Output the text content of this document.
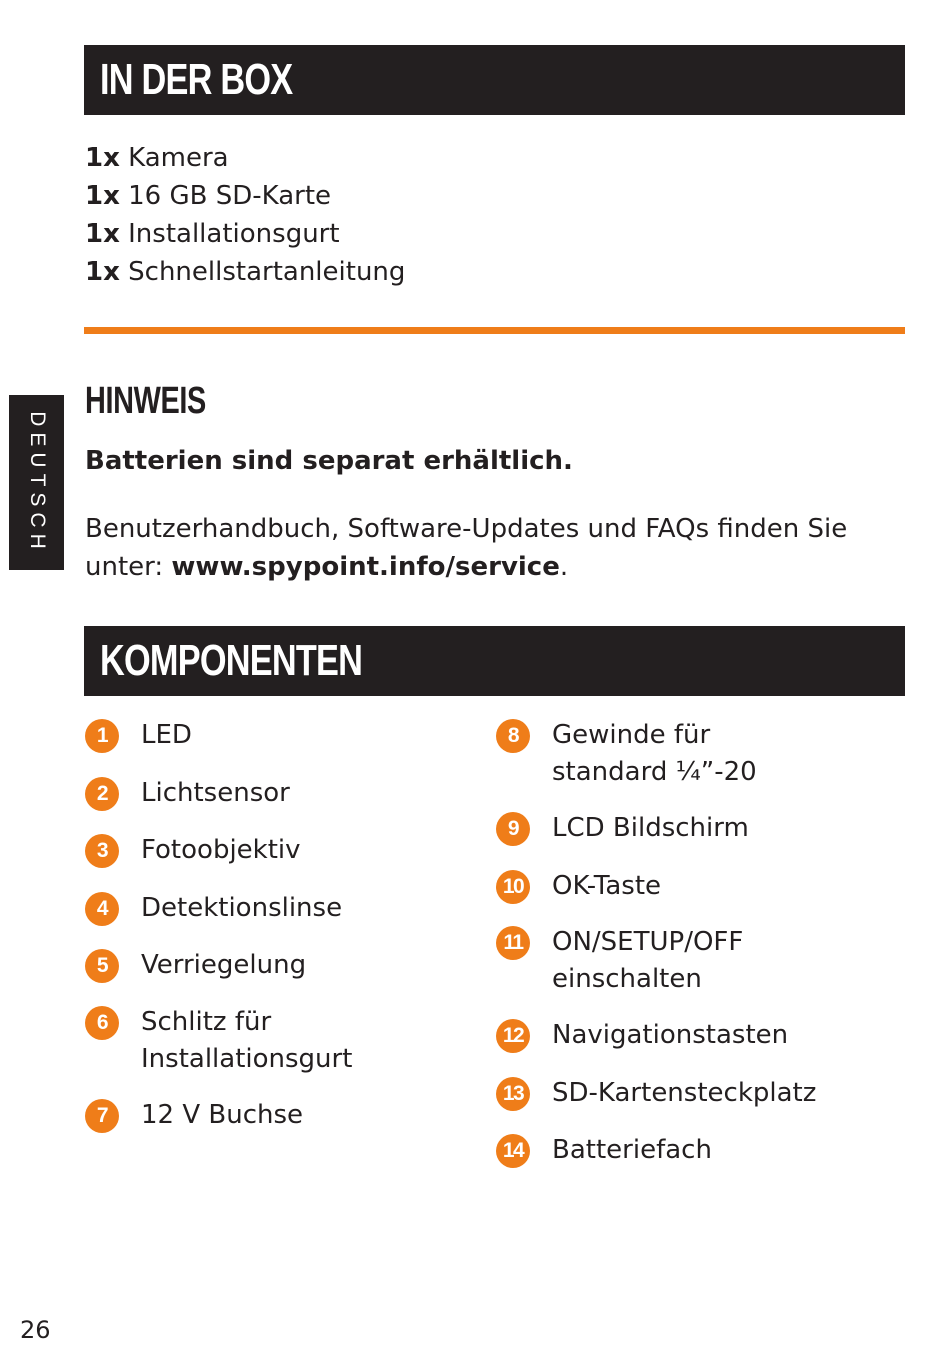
IN DER BOX
1x Kamera
1x 16 GB SD-Karte
1x Installationsgurt
1x Schnellstartanleitung
DEUTSCH
HINWEIS
Batterien sind separat erhältlich.
Benutzerhandbuch, Software-Updates und FAQs finden Sie unter: www.spypoint.info/service.
KOMPONENTEN
1	LED
2	Lichtsensor
3	Fotoobjektiv
4	Detektionslinse
5	Verriegelung
6	Schlitz für
Installationsgurt
7	12 V Buchse
8	Gewinde für
standard ¼”-20
9	LCD Bildschirm
10 OK-Taste
11 ON/SETUP/OFF
einschalten
12 Navigationstasten
13 SD-Kartensteckplatz
14 Batteriefach
26
